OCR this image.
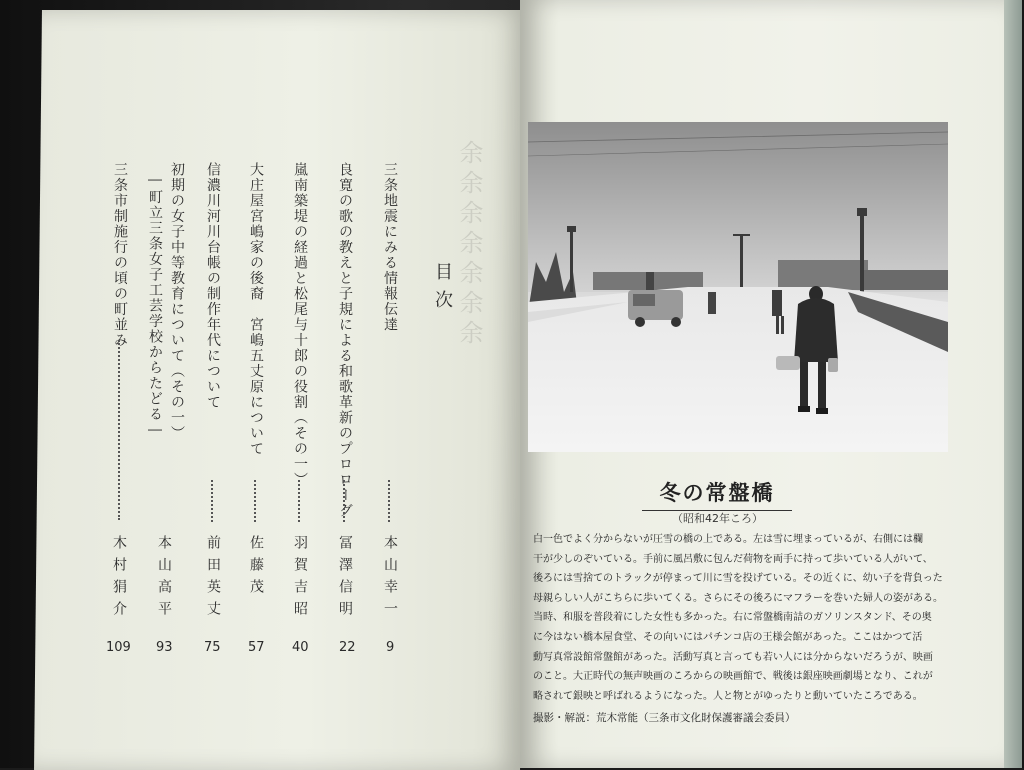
目次
三条地震にみる情報伝達
本山幸一
9
良寛の歌の教えと子規による和歌革新のプロローグ
冨澤信明
22
嵐南築堤の経過と松尾与十郎の役割（その一）
羽賀吉昭
40
大庄屋宮嶋家の後裔　宮嶋五丈原について
佐藤茂
57
信濃川河川台帳の制作年代について
前田英丈
75
初期の女子中等教育について（その一）
―町立三条女子工芸学校からたどる―
本山高平
93
三条市制施行の頃の町並み
木村狷介
109
余余余余余余余
冬の常盤橋
（昭和42年ころ）
白一色でよく分からないが圧雪の橋の上である。左は雪に埋まっているが、右側には欄
干が少しのぞいている。手前に風呂敷に包んだ荷物を両手に持って歩いている人がいて、
後ろには雪捨てのトラックが停まって川に雪を投げている。その近くに、幼い子を背負った
母親らしい人がこちらに歩いてくる。さらにその後ろにマフラーを巻いた婦人の姿がある。
当時、和服を普段着にした女性も多かった。右に常盤橋南詰のガソリンスタンド、その奥
に今はない橋本屋食堂、その向いにはパチンコ店の王様会館があった。ここはかつて活
動写真常設館常盤館があった。活動写真と言っても若い人には分からないだろうが、映画
のこと。大正時代の無声映画のころからの映画館で、戦後は銀座映画劇場となり、これが
略されて銀映と呼ばれるようになった。人と物とがゆったりと動いていたころである。
撮影・解説：荒木常能（三条市文化財保護審議会委員）
